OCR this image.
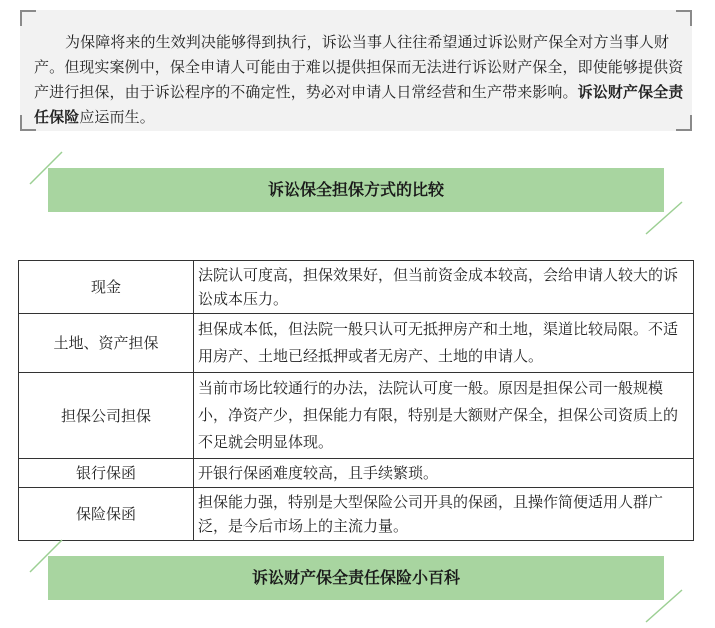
为保障将来的生效判决能够得到执行，诉讼当事人往往希望通过诉讼财产保全对方当事人财产。但现实案例中，保全申请人可能由于难以提供担保而无法进行诉讼财产保全，即使能够提供资产进行担保，由于诉讼程序的不确定性，势必对申请人日常经营和生产带来影响。诉讼财产保全责任保险应运而生。

诉讼保全担保方式的比较
现金	法院认可度高，担保效果好，但当前资金成本较高，会给申请人较大的诉讼成本压力。
土地、资产担保	担保成本低，但法院一般只认可无抵押房产和土地，渠道比较局限。不适用房产、土地已经抵押或者无房产、土地的申请人。
担保公司担保	当前市场比较通行的办法，法院认可度一般。原因是担保公司一般规模小，净资产少，担保能力有限，特别是大额财产保全，担保公司资质上的不足就会明显体现。
银行保函	开银行保函难度较高，且手续繁琐。
保险保函	担保能力强，特别是大型保险公司开具的保函，且操作简便适用人群广泛，是今后市场上的主流力量。
诉讼财产保全责任保险小百科
